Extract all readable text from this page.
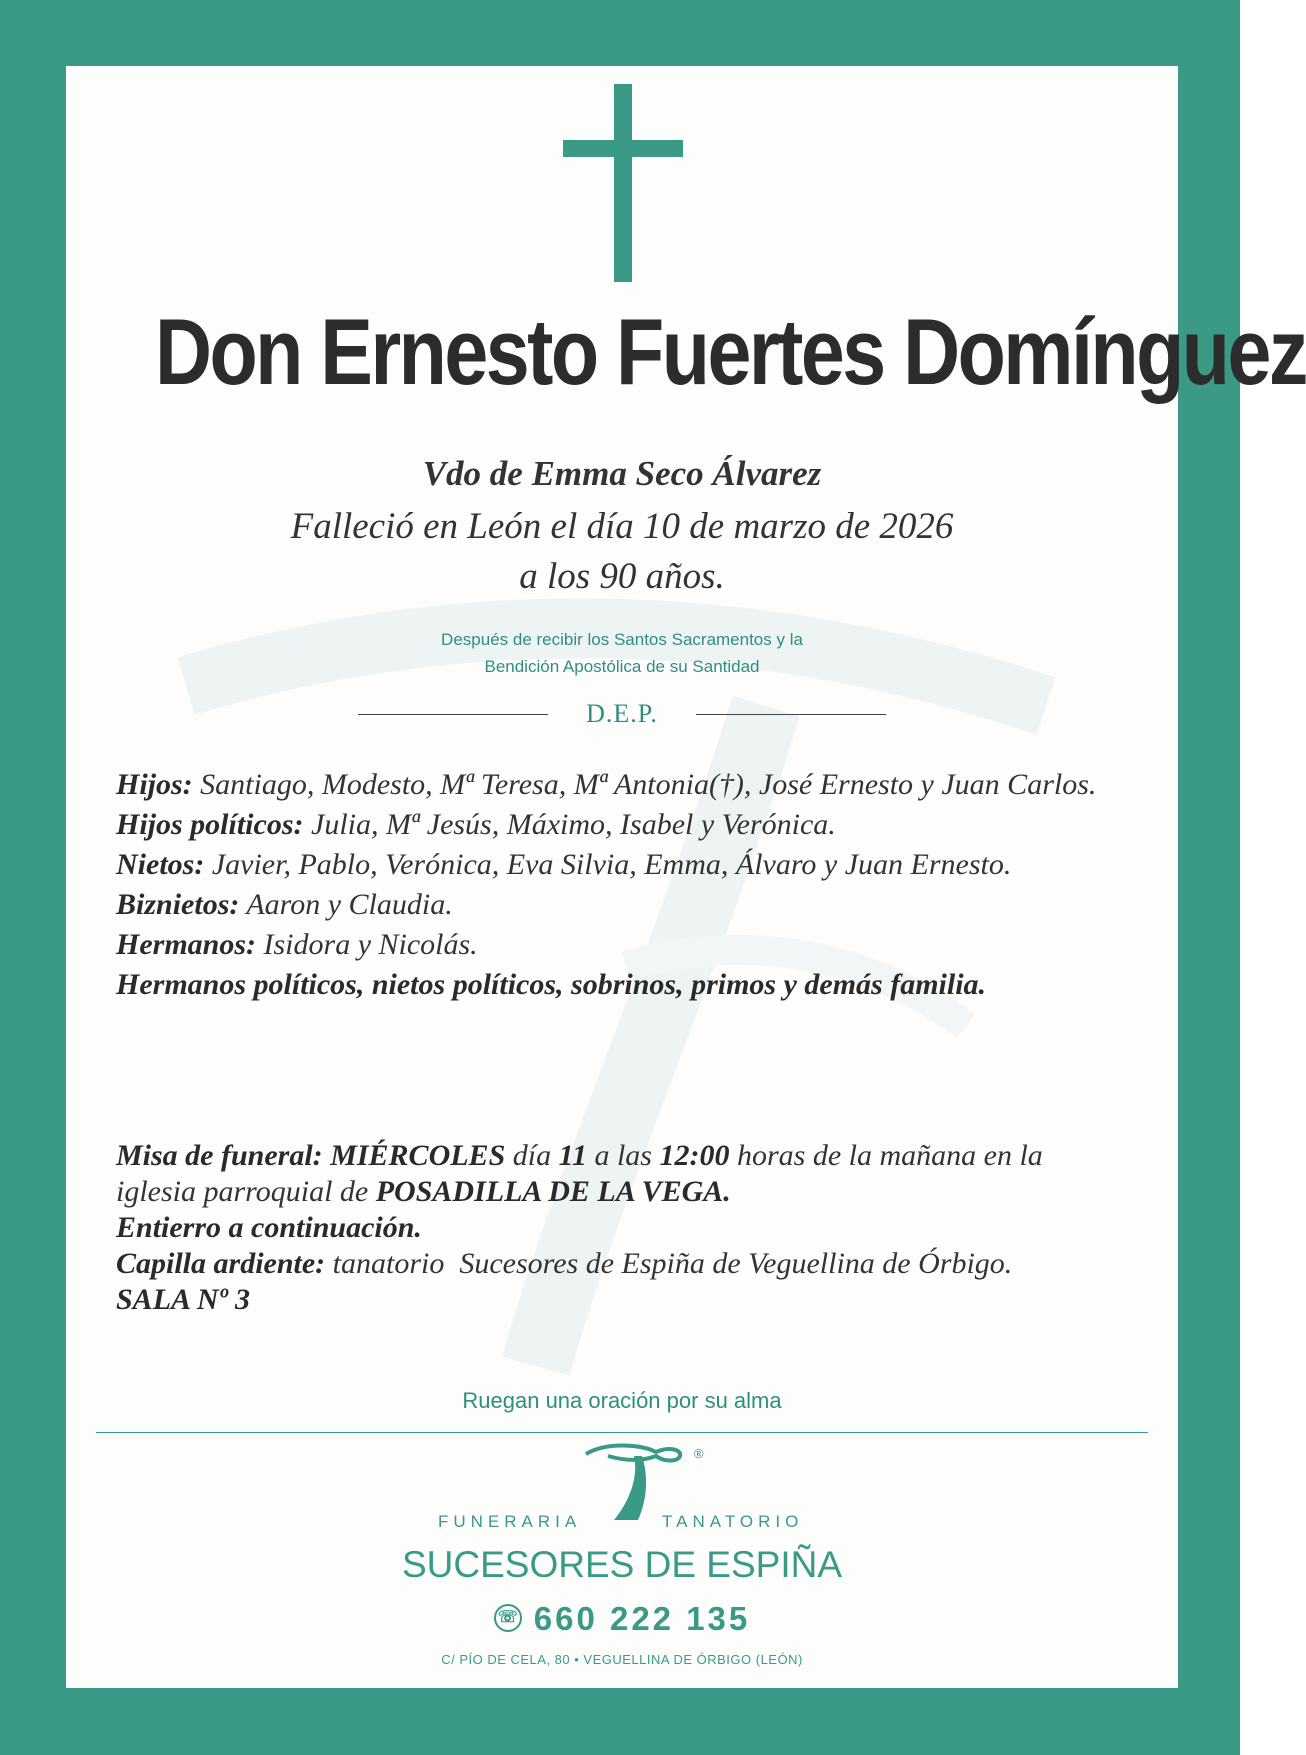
Don Ernesto Fuertes Domínguez
Vdo de Emma Seco Álvarez
Falleció en León el día 10 de marzo de 2026
a los 90 años.
Después de recibir los Santos Sacramentos y la
Bendición Apostólica de su Santidad
D.E.P.

Hijos: Santiago, Modesto, Mª Teresa, Mª Antonia(†), José Ernesto y Juan Carlos.

Hijos políticos: Julia, Mª Jesús, Máximo, Isabel y Verónica.

Nietos: Javier, Pablo, Verónica, Eva Silvia, Emma, Álvaro y Juan Ernesto.

Biznietos: Aaron y Claudia.

Hermanos: Isidora y Nicolás.

Hermanos políticos, nietos políticos, sobrinos, primos y demás familia.

Misa de funeral: MIÉRCOLES día 11 a las 12:00 horas de la mañana en la iglesia parroquial de POSADILLA DE LA VEGA.

Entierro a continuación.

Capilla ardiente: tanatorio  Sucesores de Espiña de Veguellina de Órbigo.

SALA Nº 3

Ruegan una oración por su alma
®
FUNERARIA	TANATORIO
SUCESORES DE ESPIÑA
☏ 660 222 135
C/ PÍO DE CELA, 80 • VEGUELLINA DE ÓRBIGO (LEÓN)
